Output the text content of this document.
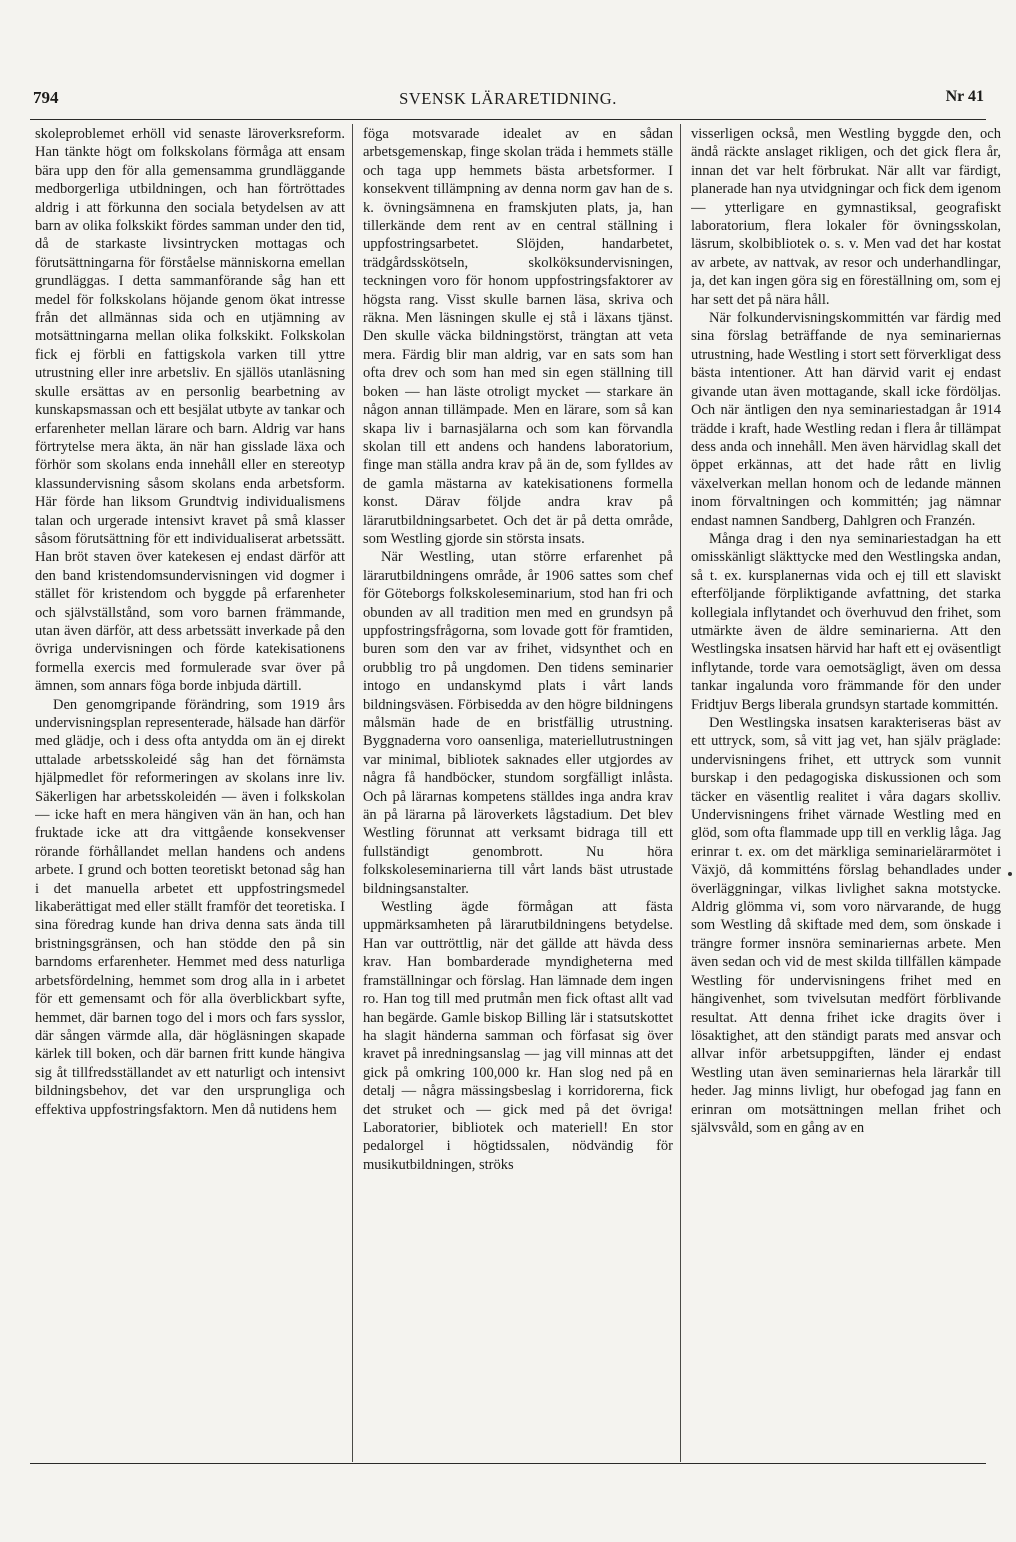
794	SVENSK LÄRARETIDNING.	Nr 41

skoleproblemet erhöll vid senaste läroverksreform. Han tänkte högt om folkskolans förmåga att ensam bära upp den för alla gemensamma grundläggande medborgerliga utbildningen, och han förtröttades aldrig i att förkunna den sociala betydelsen av att barn av olika folkskikt fördes samman under den tid, då de starkaste livsintrycken mottagas och förutsättningarna för förståelse människorna emellan grundläggas. I detta sammanförande såg han ett medel för folkskolans höjande genom ökat intresse från det allmännas sida och en utjämning av motsättningarna mellan olika folkskikt. Folkskolan fick ej förbli en fattigskola varken till yttre utrustning eller inre arbetsliv. En själlös utanläsning skulle ersättas av en personlig bearbetning av kunskapsmassan och ett besjälat utbyte av tankar och erfarenheter mellan lärare och barn. Aldrig var hans förtrytelse mera äkta, än när han gisslade läxa och förhör som skolans enda innehåll eller en stereotyp klassundervisning såsom skolans enda arbetsform. Här förde han liksom Grundtvig individualismens talan och urgerade intensivt kravet på små klasser såsom förutsättning för ett individualiserat arbetssätt. Han bröt staven över katekesen ej endast därför att den band kristendomsundervisningen vid dogmer i stället för kristendom och byggde på erfarenheter och självställstånd, som voro barnen främmande, utan även därför, att dess arbetssätt inverkade på den övriga undervisningen och förde katekisationens formella exercis med formulerade svar över på ämnen, som annars föga borde inbjuda därtill.

Den genomgripande förändring, som 1919 års undervisningsplan representerade, hälsade han därför med glädje, och i dess ofta antydda om än ej direkt uttalade arbetsskoleidé såg han det förnämsta hjälpmedlet för reformeringen av skolans inre liv. Säkerligen har arbetsskoleidén — även i folkskolan — icke haft en mera hängiven vän än han, och han fruktade icke att dra vittgående konsekvenser rörande förhållandet mellan handens och andens arbete. I grund och botten teoretiskt betonad såg han i det manuella arbetet ett uppfostringsmedel likaberättigat med eller ställt framför det teoretiska. I sina föredrag kunde han driva denna sats ända till bristningsgränsen, och han stödde den på sin barndoms erfarenheter. Hemmet med dess naturliga arbetsfördelning, hemmet som drog alla in i arbetet för ett gemensamt och för alla överblickbart syfte, hemmet, där barnen togo del i mors och fars sysslor, där sången värmde alla, där högläsningen skapade kärlek till boken, och där barnen fritt kunde hängiva sig åt tillfredsställandet av ett naturligt och intensivt bildningsbehov, det var den ursprungliga och effektiva uppfostringsfaktorn. Men då nutidens hem

föga motsvarade idealet av en sådan arbetsgemenskap, finge skolan träda i hemmets ställe och taga upp hemmets bästa arbetsformer. I konsekvent tillämpning av denna norm gav han de s. k. övningsämnena en framskjuten plats, ja, han tillerkände dem rent av en central ställning i uppfostringsarbetet. Slöjden, handarbetet, trädgårdsskötseln, skolköksundervisningen, teckningen voro för honom uppfostringsfaktorer av högsta rang. Visst skulle barnen läsa, skriva och räkna. Men läsningen skulle ej stå i läxans tjänst. Den skulle väcka bildningstörst, trängtan att veta mera. Färdig blir man aldrig, var en sats som han ofta drev och som han med sin egen ställning till boken — han läste otroligt mycket — starkare än någon annan tillämpade. Men en lärare, som så kan skapa liv i barnasjälarna och som kan förvandla skolan till ett andens och handens laboratorium, finge man ställa andra krav på än de, som fylldes av de gamla mästarna av katekisationens formella konst. Därav följde andra krav på lärarutbildningsarbetet. Och det är på detta område, som Westling gjorde sin största insats.

När Westling, utan större erfarenhet på lärarutbildningens område, år 1906 sattes som chef för Göteborgs folkskoleseminarium, stod han fri och obunden av all tradition men med en grundsyn på uppfostringsfrågorna, som lovade gott för framtiden, buren som den var av frihet, vidsynthet och en orubblig tro på ungdomen. Den tidens seminarier intogo en undanskymd plats i vårt lands bildningsväsen. Förbisedda av den högre bildningens målsmän hade de en bristfällig utrustning. Byggnaderna voro oansenliga, materiellutrustningen var minimal, bibliotek saknades eller utgjordes av några få handböcker, stundom sorgfälligt inlåsta. Och på lärarnas kompetens ställdes inga andra krav än på lärarna på läroverkets lågstadium. Det blev Westling förunnat att verksamt bidraga till ett fullständigt genombrott. Nu höra folkskoleseminarierna till vårt lands bäst utrustade bildningsanstalter.

Westling ägde förmågan att fästa uppmärksamheten på lärarutbildningens betydelse. Han var outtröttlig, när det gällde att hävda dess krav. Han bombarderade myndigheterna med framställningar och förslag. Han lämnade dem ingen ro. Han tog till med prutmån men fick oftast allt vad han begärde. Gamle biskop Billing lär i statsutskottet ha slagit händerna samman och förfasat sig över kravet på inredningsanslag — jag vill minnas att det gick på omkring 100,000 kr. Han slog ned på en detalj — några mässingsbeslag i korridorerna, fick det struket och — gick med på det övriga! Laboratorier, bibliotek och materiell! En stor pedalorgel i högtidssalen, nödvändig för musikutbildningen, ströks

visserligen också, men Westling byggde den, och ändå räckte anslaget rikligen, och det gick flera år, innan det var helt förbrukat. När allt var färdigt, planerade han nya utvidgningar och fick dem igenom — ytterligare en gymnastiksal, geografiskt laboratorium, flera lokaler för övningsskolan, läsrum, skolbibliotek o. s. v. Men vad det har kostat av arbete, av nattvak, av resor och underhandlingar, ja, det kan ingen göra sig en föreställning om, som ej har sett det på nära håll.

När folkundervisningskommittén var färdig med sina förslag beträffande de nya seminariernas utrustning, hade Westling i stort sett förverkligat dess bästa intentioner. Att han därvid varit ej endast givande utan även mottagande, skall icke fördöljas. Och när äntligen den nya seminariestadgan år 1914 trädde i kraft, hade Westling redan i flera år tillämpat dess anda och innehåll. Men även härvidlag skall det öppet erkännas, att det hade rått en livlig växelverkan mellan honom och de ledande männen inom förvaltningen och kommittén; jag nämnar endast namnen Sandberg, Dahlgren och Franzén.

Många drag i den nya seminariestadgan ha ett omisskänligt släkttycke med den Westlingska andan, så t. ex. kursplanernas vida och ej till ett slaviskt efterföljande förpliktigande avfattning, det starka kollegiala inflytandet och överhuvud den frihet, som utmärkte även de äldre seminarierna. Att den Westlingska insatsen härvid har haft ett ej oväsentligt inflytande, torde vara oemotsägligt, även om dessa tankar ingalunda voro främmande för den under Fridtjuv Bergs liberala grundsyn startade kommittén.

Den Westlingska insatsen karakteriseras bäst av ett uttryck, som, så vitt jag vet, han själv präglade: undervisningens frihet, ett uttryck som vunnit burskap i den pedagogiska diskussionen och som täcker en väsentlig realitet i våra dagars skolliv. Undervisningens frihet värnade Westling med en glöd, som ofta flammade upp till en verklig låga. Jag erinrar t. ex. om det märkliga seminarielärarmötet i Växjö, då kommitténs förslag behandlades under överläggningar, vilkas livlighet sakna motstycke. Aldrig glömma vi, som voro närvarande, de hugg som Westling då skiftade med dem, som önskade i trängre former insnöra seminariernas arbete. Men även sedan och vid de mest skilda tillfällen kämpade Westling för undervisningens frihet med en hängivenhet, som tvivelsutan medfört förblivande resultat. Att denna frihet icke dragits över i lösaktighet, att den ständigt parats med ansvar och allvar inför arbetsuppgiften, länder ej endast Westling utan även seminariernas hela lärarkår till heder. Jag minns livligt, hur obefogad jag fann en erinran om motsättningen mellan frihet och självsvåld, som en gång av en
